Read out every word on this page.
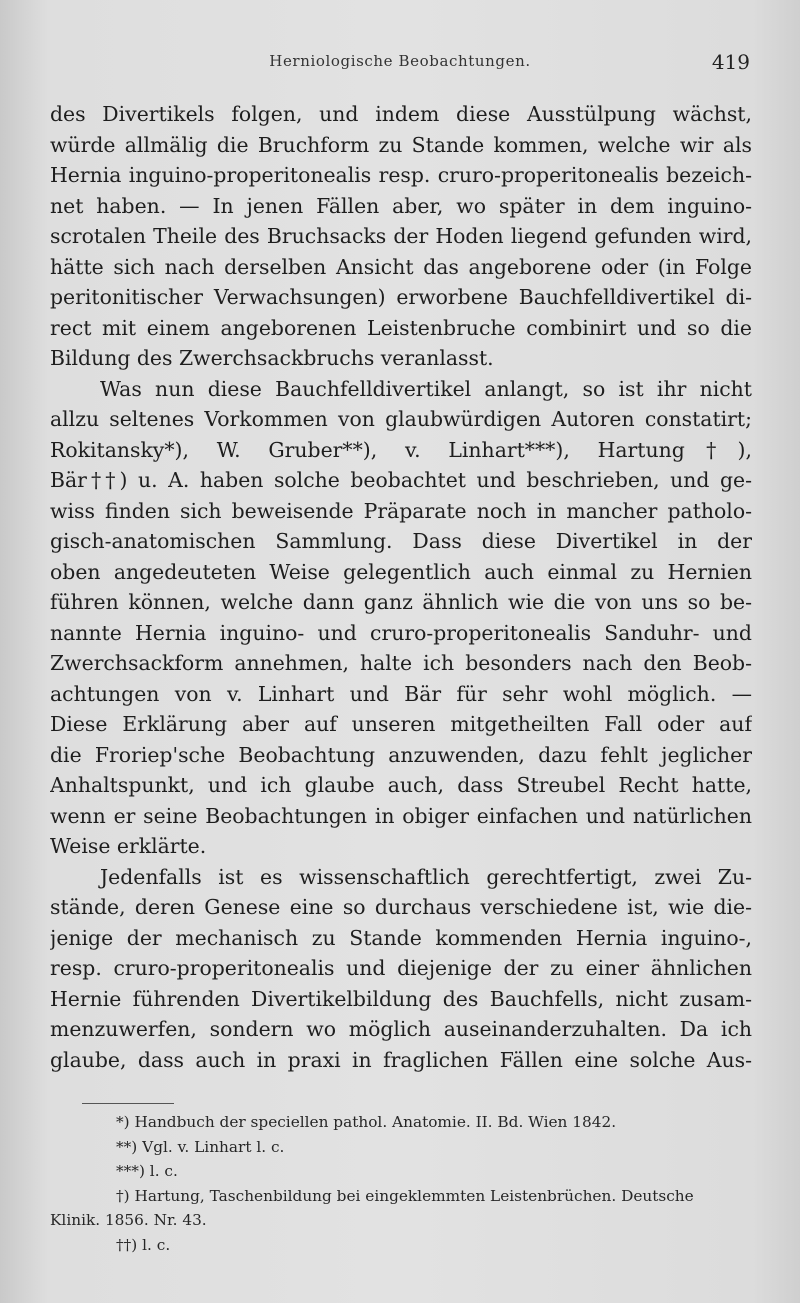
Herniologische Beobachtungen.	419

des Divertikels folgen, und indem diese Ausstülpung wächst,
würde allmälig die Bruchform zu Stande kommen, welche wir als
Hernia inguino-properitonealis resp. cruro-properitonealis bezeich-
net haben. — In jenen Fällen aber, wo später in dem inguino-
scrotalen Theile des Bruchsacks der Hoden liegend gefunden wird,
hätte sich nach derselben Ansicht das angeborene oder (in Folge
peritonitischer Verwachsungen) erworbene Bauchfelldivertikel di-
rect mit einem angeborenen Leistenbruche combinirt und so die
Bildung des Zwerchsackbruchs veranlasst.

Was nun diese Bauchfelldivertikel anlangt, so ist ihr nicht
allzu seltenes Vorkommen von glaubwürdigen Autoren constatirt;
Rokitansky*), W. Gruber**), v. Linhart***), Hartung†),
Bär††) u. A. haben solche beobachtet und beschrieben, und ge-
wiss finden sich beweisende Präparate noch in mancher patholo-
gisch-anatomischen Sammlung. Dass diese Divertikel in der
oben angedeuteten Weise gelegentlich auch einmal zu Hernien
führen können, welche dann ganz ähnlich wie die von uns so be-
nannte Hernia inguino- und cruro-properitonealis Sanduhr- und
Zwerchsackform annehmen, halte ich besonders nach den Beob-
achtungen von v. Linhart und Bär für sehr wohl möglich. —
Diese Erklärung aber auf unseren mitgetheilten Fall oder auf
die Froriep'sche Beobachtung anzuwenden, dazu fehlt jeglicher
Anhaltspunkt, und ich glaube auch, dass Streubel Recht hatte,
wenn er seine Beobachtungen in obiger einfachen und natürlichen
Weise erklärte.

Jedenfalls ist es wissenschaftlich gerechtfertigt, zwei Zu-
stände, deren Genese eine so durchaus verschiedene ist, wie die-
jenige der mechanisch zu Stande kommenden Hernia inguino-,
resp. cruro-properitonealis und diejenige der zu einer ähnlichen
Hernie führenden Divertikelbildung des Bauchfells, nicht zusam-
menzuwerfen, sondern wo möglich auseinanderzuhalten. Da ich
glaube, dass auch in praxi in fraglichen Fällen eine solche Aus-

*) Handbuch der speciellen pathol. Anatomie. II. Bd. Wien 1842.
**) Vgl. v. Linhart l. c.
***) l. c.
†) Hartung, Taschenbildung bei eingeklemmten Leistenbrüchen. Deutsche
Klinik. 1856. Nr. 43.
††) l. c.
